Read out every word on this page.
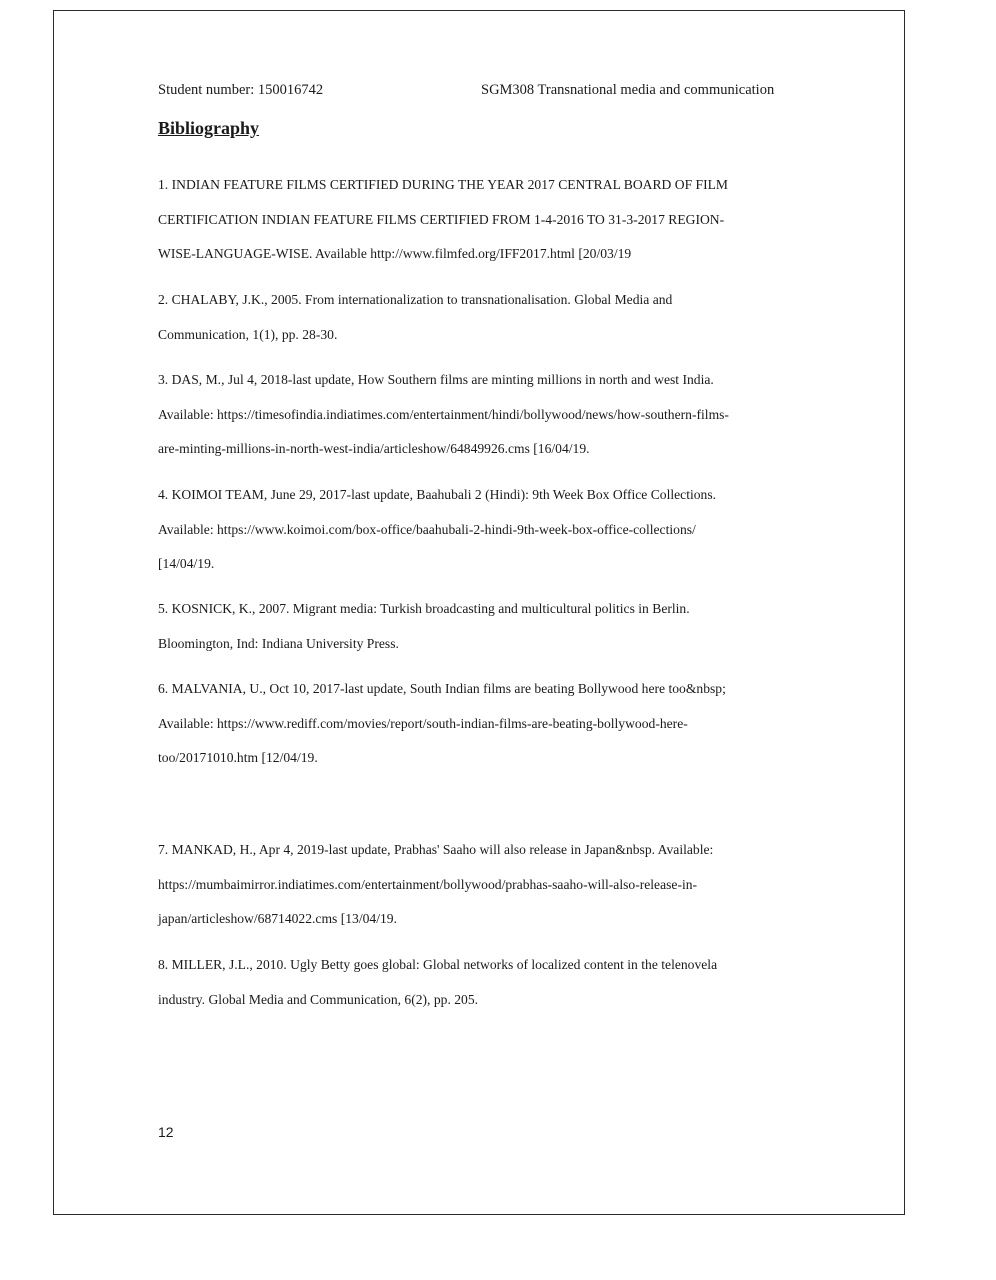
Student number: 150016742	SGM308 Transnational media and communication
Bibliography
1. INDIAN FEATURE FILMS CERTIFIED DURING THE YEAR 2017 CENTRAL BOARD OF FILM
CERTIFICATION INDIAN FEATURE FILMS CERTIFIED FROM 1-4-2016 TO 31-3-2017 REGION-
WISE-LANGUAGE-WISE. Available http://www.filmfed.org/IFF2017.html [20/03/19
2. CHALABY, J.K., 2005. From internationalization to transnationalisation. Global Media and
Communication, 1(1), pp. 28-30.
3. DAS, M., Jul 4, 2018-last update, How Southern films are minting millions in north and west India.
Available: https://timesofindia.indiatimes.com/entertainment/hindi/bollywood/news/how-southern-films-
are-minting-millions-in-north-west-india/articleshow/64849926.cms [16/04/19.
4. KOIMOI TEAM, June 29, 2017-last update, Baahubali 2 (Hindi): 9th Week Box Office Collections.
Available: https://www.koimoi.com/box-office/baahubali-2-hindi-9th-week-box-office-collections/
[14/04/19.
5. KOSNICK, K., 2007. Migrant media: Turkish broadcasting and multicultural politics in Berlin.
Bloomington, Ind: Indiana University Press.
6. MALVANIA, U., Oct 10, 2017-last update, South Indian films are beating Bollywood here too&nbsp;
Available: https://www.rediff.com/movies/report/south-indian-films-are-beating-bollywood-here-
too/20171010.htm [12/04/19.
7. MANKAD, H., Apr 4, 2019-last update, Prabhas' Saaho will also release in Japan&nbsp. Available:
https://mumbaimirror.indiatimes.com/entertainment/bollywood/prabhas-saaho-will-also-release-in-
japan/articleshow/68714022.cms [13/04/19.
8. MILLER, J.L., 2010. Ugly Betty goes global: Global networks of localized content in the telenovela
industry. Global Media and Communication, 6(2), pp. 205.
12
